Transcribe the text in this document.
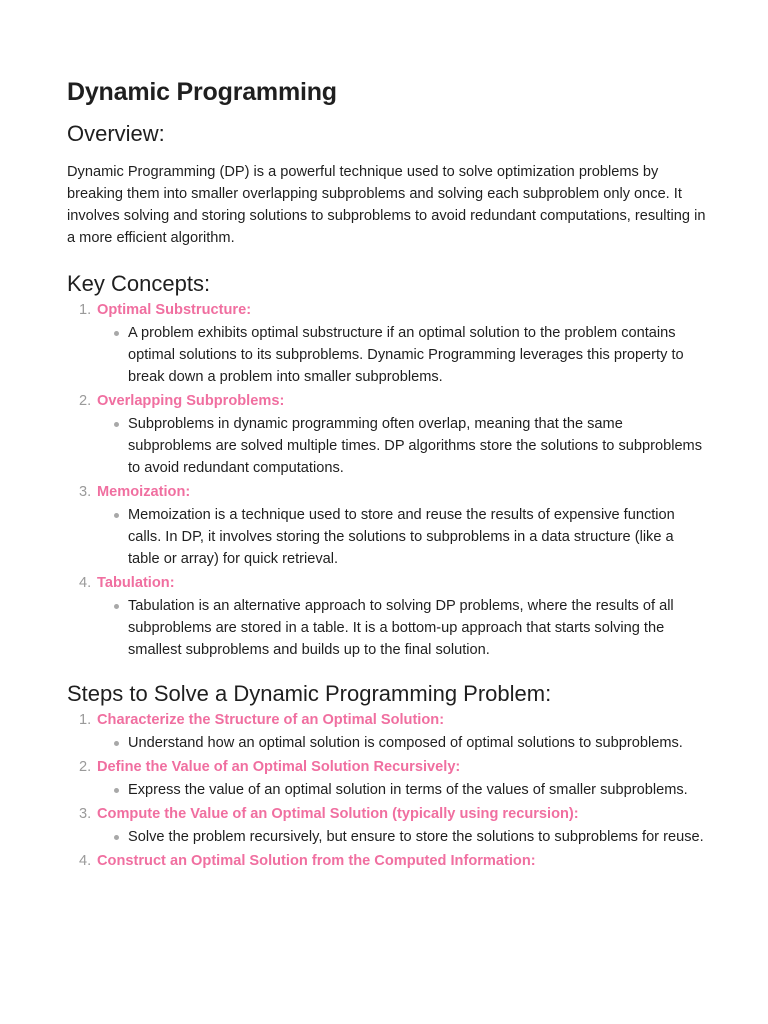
Dynamic Programming
Overview:

Dynamic Programming (DP) is a powerful technique used to solve optimization problems by breaking them into smaller overlapping subproblems and solving each subproblem only once. It involves solving and storing solutions to subproblems to avoid redundant computations, resulting in a more efficient algorithm.

Key Concepts:
1. Optimal Substructure:
A problem exhibits optimal substructure if an optimal solution to the problem contains optimal solutions to its subproblems. Dynamic Programming leverages this property to break down a problem into smaller subproblems.
2. Overlapping Subproblems:
Subproblems in dynamic programming often overlap, meaning that the same subproblems are solved multiple times. DP algorithms store the solutions to subproblems to avoid redundant computations.
3. Memoization:
Memoization is a technique used to store and reuse the results of expensive function calls. In DP, it involves storing the solutions to subproblems in a data structure (like a table or array) for quick retrieval.
4. Tabulation:
Tabulation is an alternative approach to solving DP problems, where the results of all subproblems are stored in a table. It is a bottom-up approach that starts solving the smallest subproblems and builds up to the final solution.
Steps to Solve a Dynamic Programming Problem:
1. Characterize the Structure of an Optimal Solution:
Understand how an optimal solution is composed of optimal solutions to subproblems.
2. Define the Value of an Optimal Solution Recursively:
Express the value of an optimal solution in terms of the values of smaller subproblems.
3. Compute the Value of an Optimal Solution (typically using recursion):
Solve the problem recursively, but ensure to store the solutions to subproblems for reuse.
4. Construct an Optimal Solution from the Computed Information:
